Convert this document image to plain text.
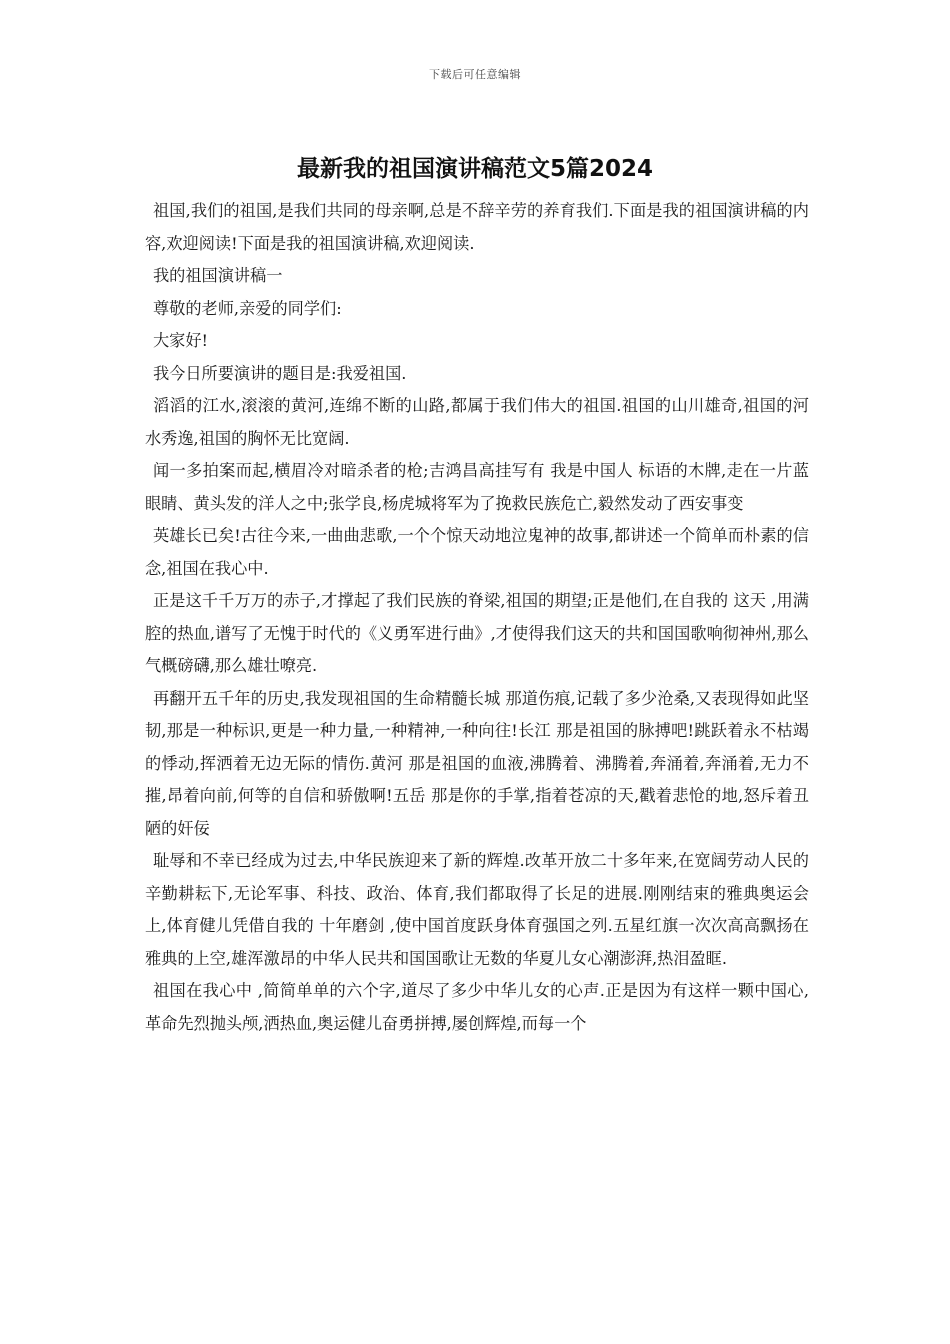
下载后可任意编辑
最新我的祖国演讲稿范文5篇2024

祖国,我们的祖国,是我们共同的母亲啊,总是不辞辛劳的养育我们.下面是我的祖国演讲稿的内容,欢迎阅读!下面是我的祖国演讲稿,欢迎阅读.

我的祖国演讲稿一

尊敬的老师,亲爱的同学们:

大家好!

我今日所要演讲的题目是:我爱祖国.

滔滔的江水,滚滚的黄河,连绵不断的山路,都属于我们伟大的祖国.祖国的山川雄奇,祖国的河水秀逸,祖国的胸怀无比宽阔.

闻一多拍案而起,横眉冷对暗杀者的枪;吉鸿昌高挂写有 我是中国人 标语的木牌,走在一片蓝眼睛、黄头发的洋人之中;张学良,杨虎城将军为了挽救民族危亡,毅然发动了西安事变

英雄长已矣!古往今来,一曲曲悲歌,一个个惊天动地泣鬼神的故事,都讲述一个简单而朴素的信念,祖国在我心中.

正是这千千万万的赤子,才撑起了我们民族的脊梁,祖国的期望;正是他们,在自我的 这天 ,用满腔的热血,谱写了无愧于时代的《义勇军进行曲》,才使得我们这天的共和国国歌响彻神州,那么气概磅礴,那么雄壮嘹亮.

再翻开五千年的历史,我发现祖国的生命精髓长城 那道伤痕,记载了多少沧桑,又表现得如此坚韧,那是一种标识,更是一种力量,一种精神,一种向往!长江 那是祖国的脉搏吧!跳跃着永不枯竭的悸动,挥洒着无边无际的情伤.黄河 那是祖国的血液,沸腾着、沸腾着,奔涌着,奔涌着,无力不摧,昂着向前,何等的自信和骄傲啊!五岳 那是你的手掌,指着苍凉的天,戳着悲怆的地,怒斥着丑陋的奸佞

耻辱和不幸已经成为过去,中华民族迎来了新的辉煌.改革开放二十多年来,在宽阔劳动人民的辛勤耕耘下,无论军事、科技、政治、体育,我们都取得了长足的进展.刚刚结束的雅典奥运会上,体育健儿凭借自我的 十年磨剑 ,使中国首度跃身体育强国之列.五星红旗一次次高高飘扬在雅典的上空,雄浑激昂的中华人民共和国国歌让无数的华夏儿女心潮澎湃,热泪盈眶.

祖国在我心中 ,简简单单的六个字,道尽了多少中华儿女的心声.正是因为有这样一颗中国心,革命先烈抛头颅,洒热血,奥运健儿奋勇拼搏,屡创辉煌,而每一个
